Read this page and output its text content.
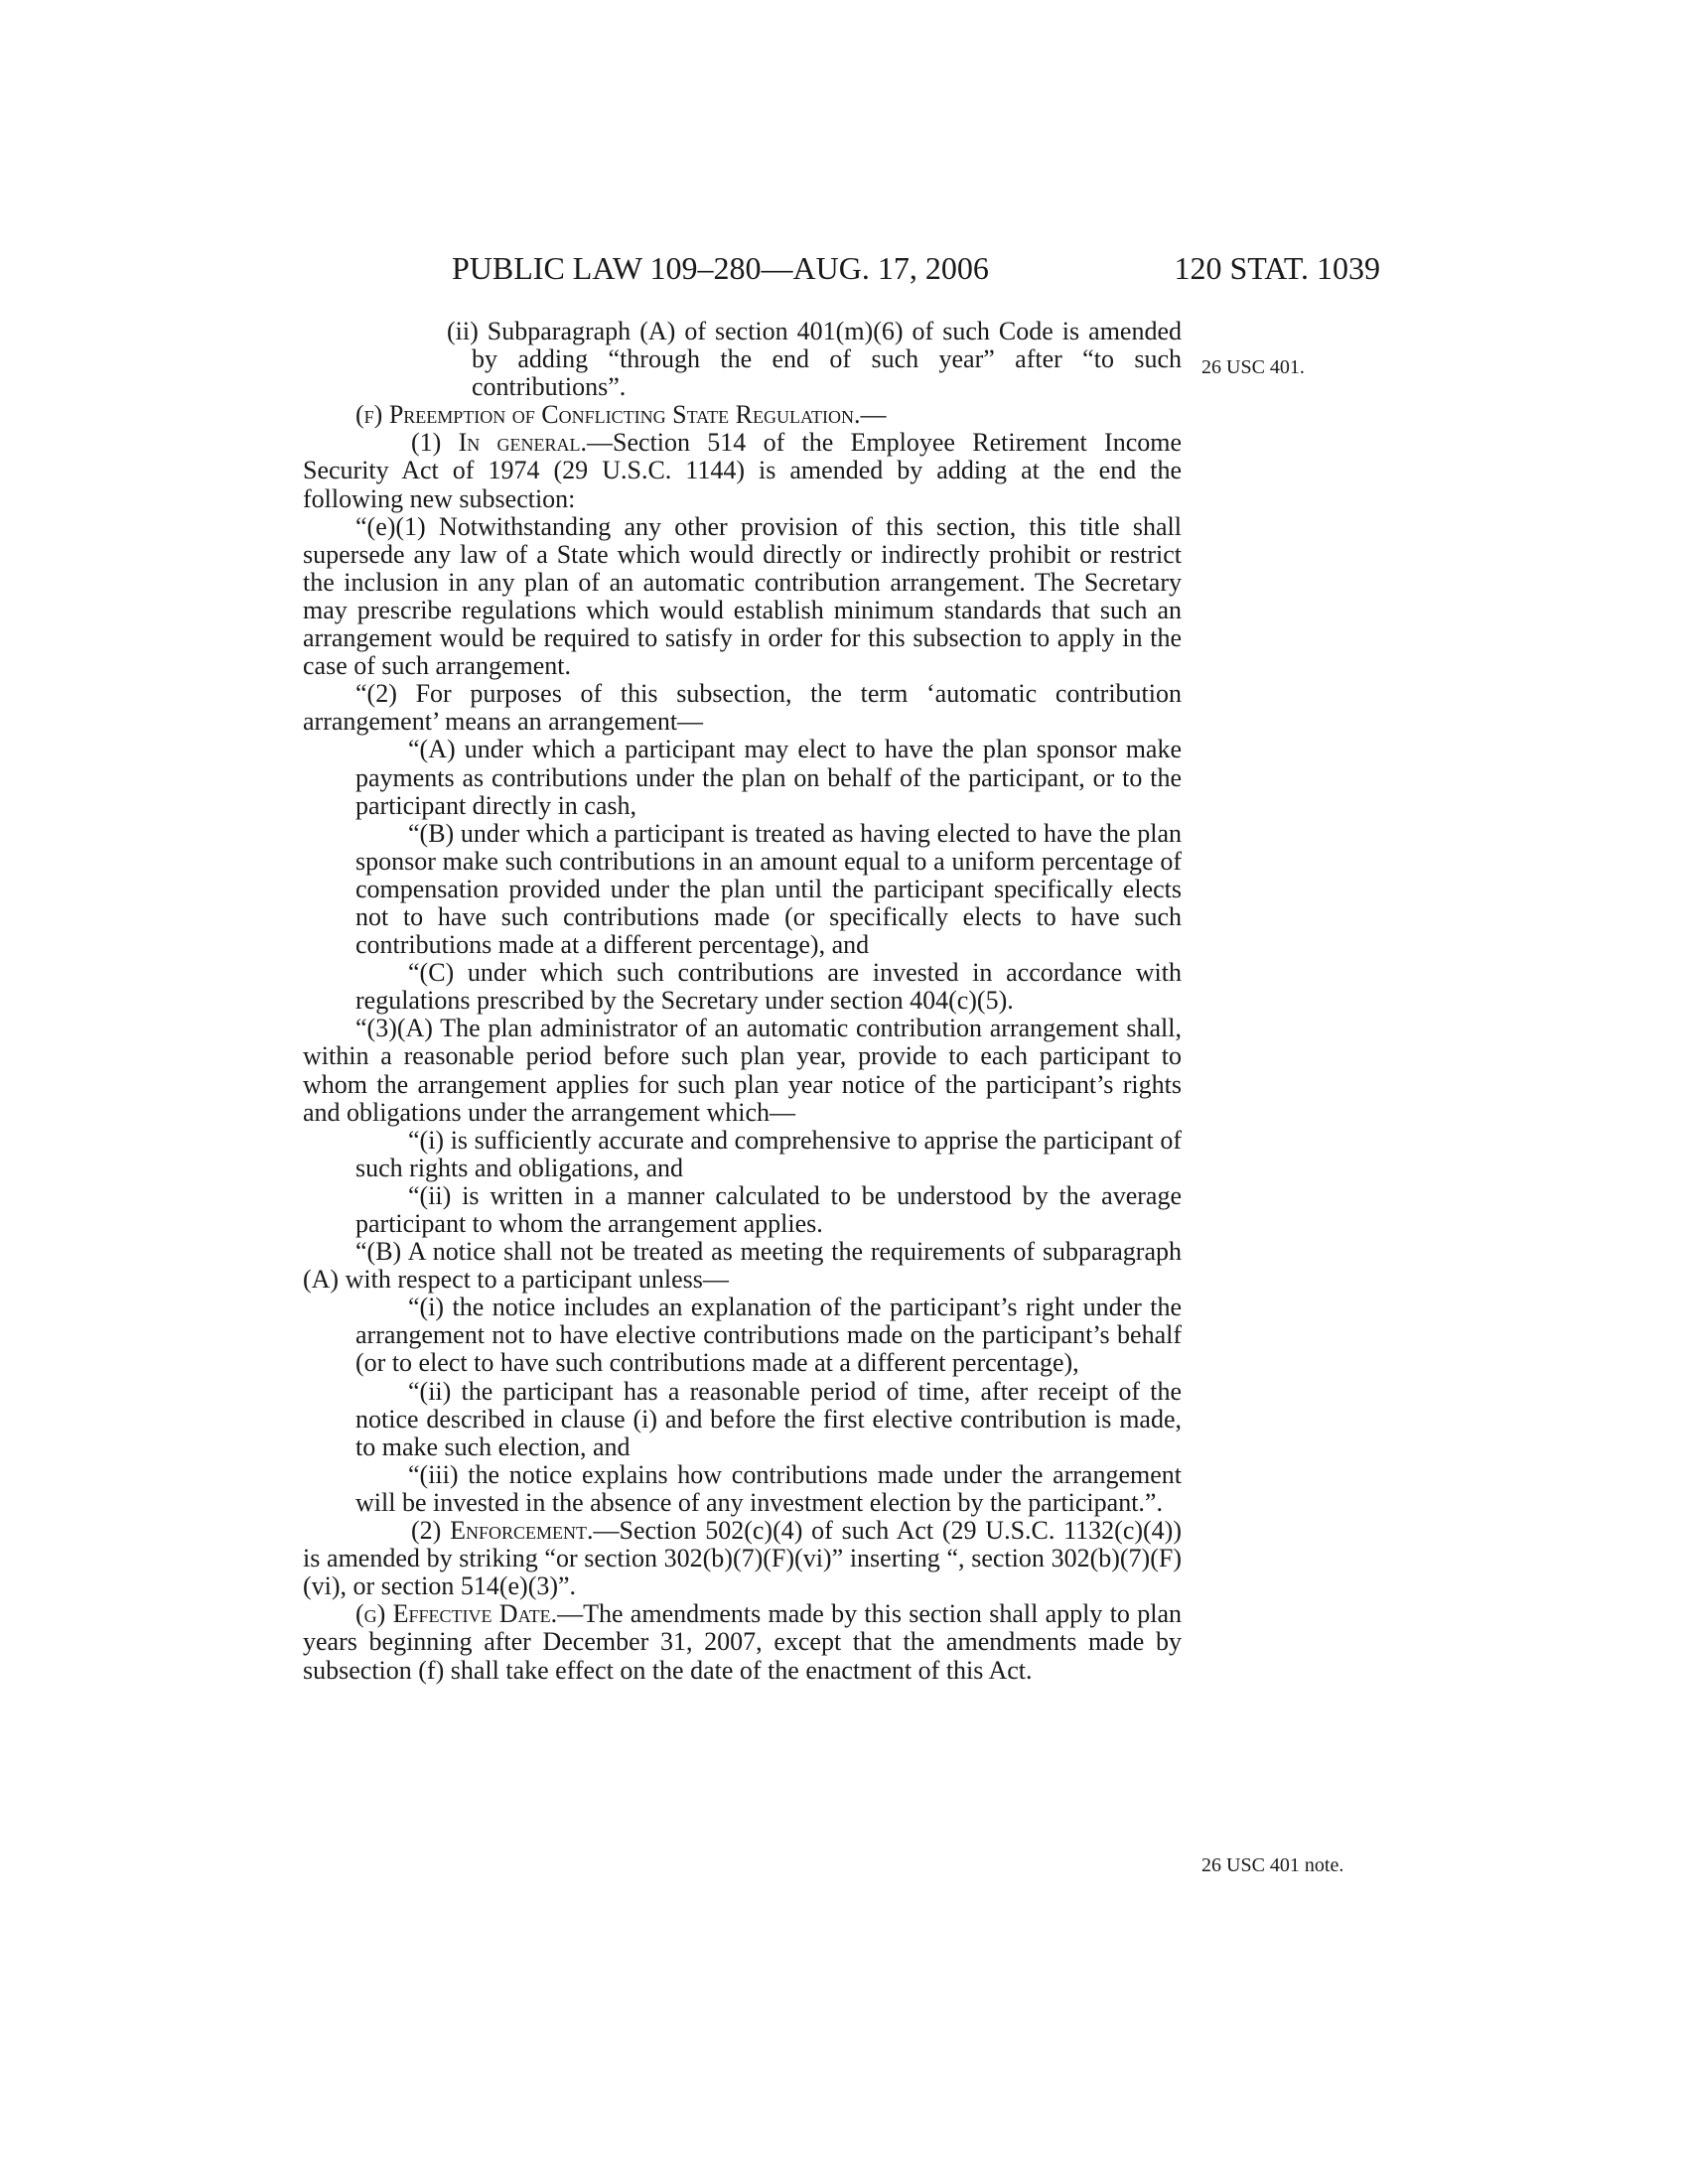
PUBLIC LAW 109–280—AUG. 17, 2006	120 STAT. 1039
26 USC 401.
26 USC 401 note.

(ii) Subparagraph (A) of section 401(m)(6) of such Code is amended by adding “through the end of such year” after “to such contributions”.

(f) Preemption of Conflicting State Regulation.—

(1) In general.—Section 514 of the Employee Retirement Income Security Act of 1974 (29 U.S.C. 1144) is amended by adding at the end the following new subsection:

“(e)(1) Notwithstanding any other provision of this section, this title shall supersede any law of a State which would directly or indirectly prohibit or restrict the inclusion in any plan of an automatic contribution arrangement. The Secretary may prescribe regulations which would establish minimum standards that such an arrangement would be required to satisfy in order for this subsection to apply in the case of such arrangement.

“(2) For purposes of this subsection, the term ‘automatic contribution arrangement’ means an arrangement—

“(A) under which a participant may elect to have the plan sponsor make payments as contributions under the plan on behalf of the participant, or to the participant directly in cash,

“(B) under which a participant is treated as having elected to have the plan sponsor make such contributions in an amount equal to a uniform percentage of compensation provided under the plan until the participant specifically elects not to have such contributions made (or specifically elects to have such contributions made at a different percentage), and

“(C) under which such contributions are invested in accordance with regulations prescribed by the Secretary under section 404(c)(5).

“(3)(A) The plan administrator of an automatic contribution arrangement shall, within a reasonable period before such plan year, provide to each participant to whom the arrangement applies for such plan year notice of the participant’s rights and obligations under the arrangement which—

“(i) is sufficiently accurate and comprehensive to apprise the participant of such rights and obligations, and

“(ii) is written in a manner calculated to be understood by the average participant to whom the arrangement applies.

“(B) A notice shall not be treated as meeting the requirements of subparagraph (A) with respect to a participant unless—

“(i) the notice includes an explanation of the participant’s right under the arrangement not to have elective contributions made on the participant’s behalf (or to elect to have such contributions made at a different percentage),

“(ii) the participant has a reasonable period of time, after receipt of the notice described in clause (i) and before the first elective contribution is made, to make such election, and

“(iii) the notice explains how contributions made under the arrangement will be invested in the absence of any investment election by the participant.”.

(2) Enforcement.—Section 502(c)(4) of such Act (29 U.S.C. 1132(c)(4)) is amended by striking “or section 302(b)(7)(F)(vi)” inserting “, section 302(b)(7)(F)(vi), or section 514(e)(3)”.

(g) Effective Date.—The amendments made by this section shall apply to plan years beginning after December 31, 2007, except that the amendments made by subsection (f) shall take effect on the date of the enactment of this Act.
